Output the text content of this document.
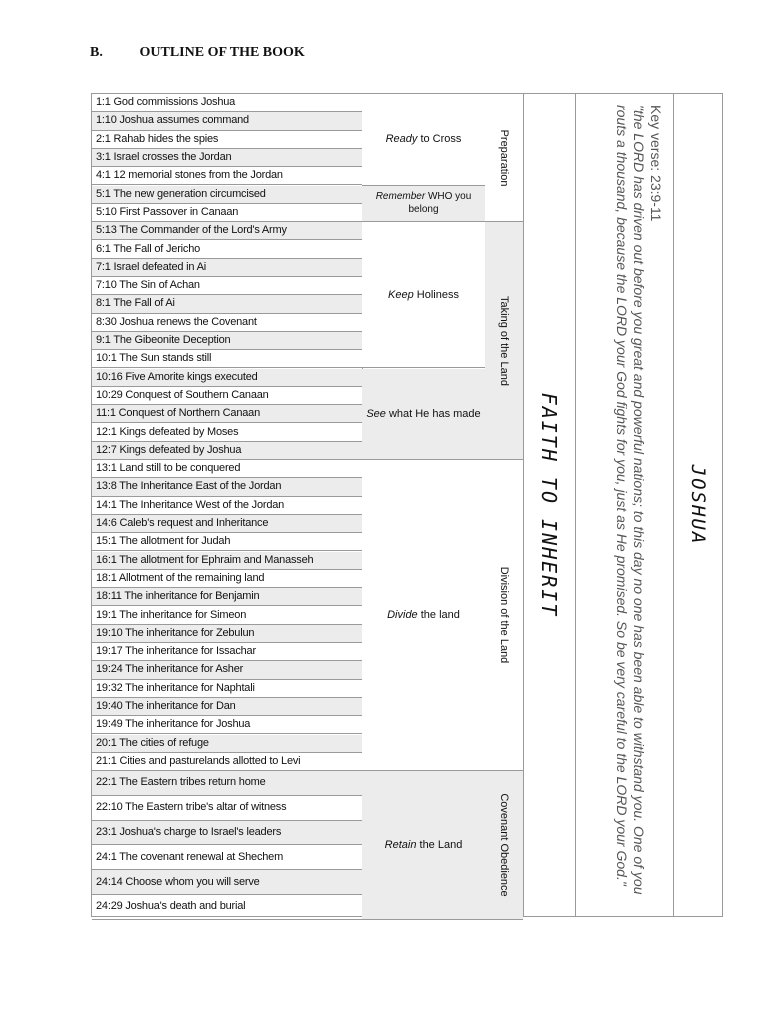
B.	OUTLINE OF THE BOOK
1:1 God commissions Joshua
1:10 Joshua assumes command
2:1 Rahab hides the spies
3:1 Israel crosses the Jordan
4:1 12 memorial stones from the Jordan
5:1 The new generation circumcised
5:10 First Passover in Canaan
5:13 The Commander of the Lord's Army
6:1 The Fall of Jericho
7:1 Israel defeated in Ai
7:10 The Sin of Achan
8:1 The Fall of Ai
8:30 Joshua renews the Covenant
9:1 The Gibeonite Deception
10:1 The Sun stands still
10:16 Five Amorite kings executed
10:29 Conquest of Southern Canaan
11:1 Conquest of Northern Canaan
12:1 Kings defeated by Moses
12:7 Kings defeated by Joshua
13:1 Land still to be conquered
13:8 The Inheritance East of the Jordan
14:1 The Inheritance West of the Jordan
14:6 Caleb's request and Inheritance
15:1 The allotment for Judah
16:1 The allotment for Ephraim and Manasseh
18:1 Allotment of the remaining land
18:11 The inheritance for Benjamin
19:1 The inheritance for Simeon
19:10 The inheritance for Zebulun
19:17 The inheritance for Issachar
19:24 The inheritance for Asher
19:32 The inheritance for Naphtali
19:40 The inheritance for Dan
19:49 The inheritance for Joshua
20:1 The cities of refuge
21:1 Cities and pasturelands allotted to Levi
22:1 The Eastern tribes return home
22:10 The Eastern tribe's altar of witness
23:1 Joshua's charge to Israel's leaders
24:1 The covenant renewal at Shechem
24:14 Choose whom you will serve
24:29 Joshua's death and burial
Ready to Cross
Remember WHO you belong
Keep Holiness
See what He has made
Divide the land
Retain the Land
Preparation
Taking of the Land
Division of the Land
Covenant Obedience
FAITH TO INHERIT
Key verse: 23:9-11
"the LORD has driven out before you great and powerful nations; to this day no one has been able to withstand you. One of you routs a thousand, because the LORD your God fights for you, just as He promised. So be very careful to the LORD your God."	JOSHUA
